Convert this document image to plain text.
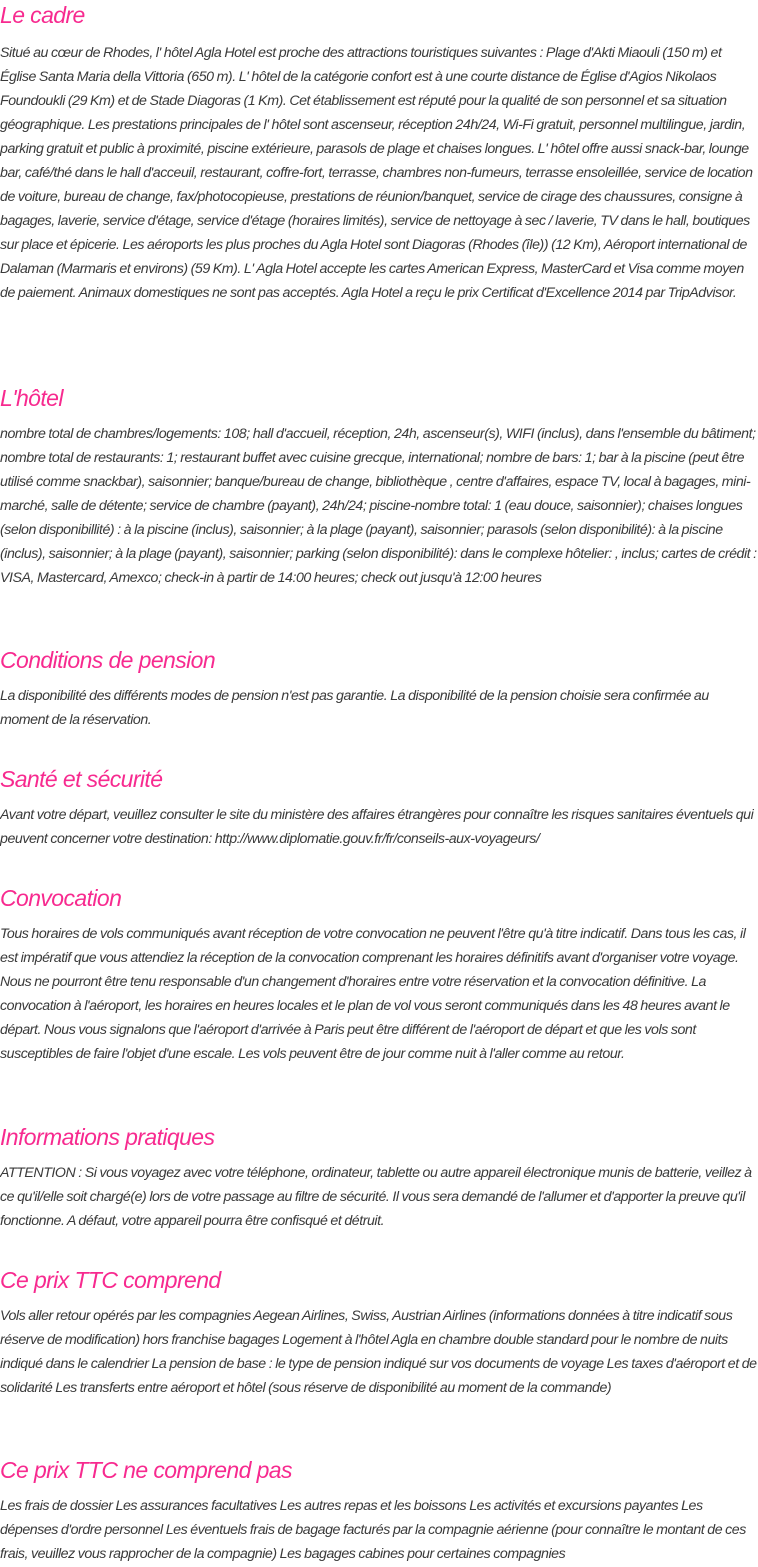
Le cadre

Situé au cœur de Rhodes, l' hôtel Agla Hotel est proche des attractions touristiques suivantes : Plage d'Akti Miaouli (150 m) et Église Santa Maria della Vittoria (650 m). L' hôtel de la catégorie confort est à une courte distance de Église d'Agios Nikolaos Foundoukli (29 Km) et de Stade Diagoras (1 Km). Cet établissement est réputé pour la qualité de son personnel et sa situation géographique. Les prestations principales de l' hôtel sont ascenseur, réception 24h/24, Wi-Fi gratuit, personnel multilingue, jardin, parking gratuit et public à proximité, piscine extérieure, parasols de plage et chaises longues. L' hôtel offre aussi snack-bar, lounge bar, café/thé dans le hall d'acceuil, restaurant, coffre-fort, terrasse, chambres non-fumeurs, terrasse ensoleillée, service de location de voiture, bureau de change, fax/photocopieuse, prestations de réunion/banquet, service de cirage des chaussures, consigne à bagages, laverie, service d'étage, service d'étage (horaires limités), service de nettoyage à sec / laverie, TV dans le hall, boutiques sur place et épicerie. Les aéroports les plus proches du Agla Hotel sont Diagoras (Rhodes (île)) (12 Km), Aéroport international de Dalaman (Marmaris et environs) (59 Km). L' Agla Hotel accepte les cartes American Express, MasterCard et Visa comme moyen de paiement. Animaux domestiques ne sont pas acceptés. Agla Hotel a reçu le prix Certificat d'Excellence 2014 par TripAdvisor.

L'hôtel

nombre total de chambres/logements: 108; hall d'accueil, réception, 24h, ascenseur(s), WIFI (inclus), dans l'ensemble du bâtiment; nombre total de restaurants: 1; restaurant buffet avec cuisine grecque, international; nombre de bars: 1; bar à la piscine (peut être utilisé comme snackbar), saisonnier; banque/bureau de change, bibliothèque , centre d'affaires, espace TV, local à bagages, mini-marché, salle de détente; service de chambre (payant), 24h/24; piscine-nombre total: 1 (eau douce, saisonnier); chaises longues (selon disponibillité) : à la piscine (inclus), saisonnier; à la plage (payant), saisonnier; parasols (selon disponibilité): à la piscine (inclus), saisonnier; à la plage (payant), saisonnier; parking (selon disponibilité): dans le complexe hôtelier: , inclus; cartes de crédit : VISA, Mastercard, Amexco; check-in à partir de 14:00 heures; check out jusqu'à 12:00 heures

Conditions de pension

La disponibilité des différents modes de pension n'est pas garantie. La disponibilité de la pension choisie sera confirmée au moment de la réservation.

Santé et sécurité

Avant votre départ, veuillez consulter le site du ministère des affaires étrangères pour connaître les risques sanitaires éventuels qui peuvent concerner votre destination: http://www.diplomatie.gouv.fr/fr/conseils-aux-voyageurs/

Convocation

Tous horaires de vols communiqués avant réception de votre convocation ne peuvent l'être qu'à titre indicatif. Dans tous les cas, il est impératif que vous attendiez la réception de la convocation comprenant les horaires définitifs avant d'organiser votre voyage. Nous ne pourront être tenu responsable d'un changement d'horaires entre votre réservation et la convocation définitive. La convocation à l'aéroport, les horaires en heures locales et le plan de vol vous seront communiqués dans les 48 heures avant le départ. Nous vous signalons que l'aéroport d'arrivée à Paris peut être différent de l'aéroport de départ et que les vols sont susceptibles de faire l'objet d'une escale. Les vols peuvent être de jour comme nuit à l'aller comme au retour.

Informations pratiques

ATTENTION : Si vous voyagez avec votre téléphone, ordinateur, tablette ou autre appareil électronique munis de batterie, veillez à ce qu'il/elle soit chargé(e) lors de votre passage au filtre de sécurité. Il vous sera demandé de l'allumer et d'apporter la preuve qu'il fonctionne. A défaut, votre appareil pourra être confisqué et détruit.

Ce prix TTC comprend

Vols aller retour opérés par les compagnies Aegean Airlines, Swiss, Austrian Airlines (informations données à titre indicatif sous réserve de modification) hors franchise bagages Logement à l'hôtel Agla en chambre double standard pour le nombre de nuits indiqué dans le calendrier La pension de base : le type de pension indiqué sur vos documents de voyage Les taxes d'aéroport et de solidarité Les transferts entre aéroport et hôtel (sous réserve de disponibilité au moment de la commande)

Ce prix TTC ne comprend pas

Les frais de dossier Les assurances facultatives Les autres repas et les boissons Les activités et excursions payantes Les dépenses d'ordre personnel Les éventuels frais de bagage facturés par la compagnie aérienne (pour connaître le montant de ces frais, veuillez vous rapprocher de la compagnie) Les bagages cabines pour certaines compagnies
